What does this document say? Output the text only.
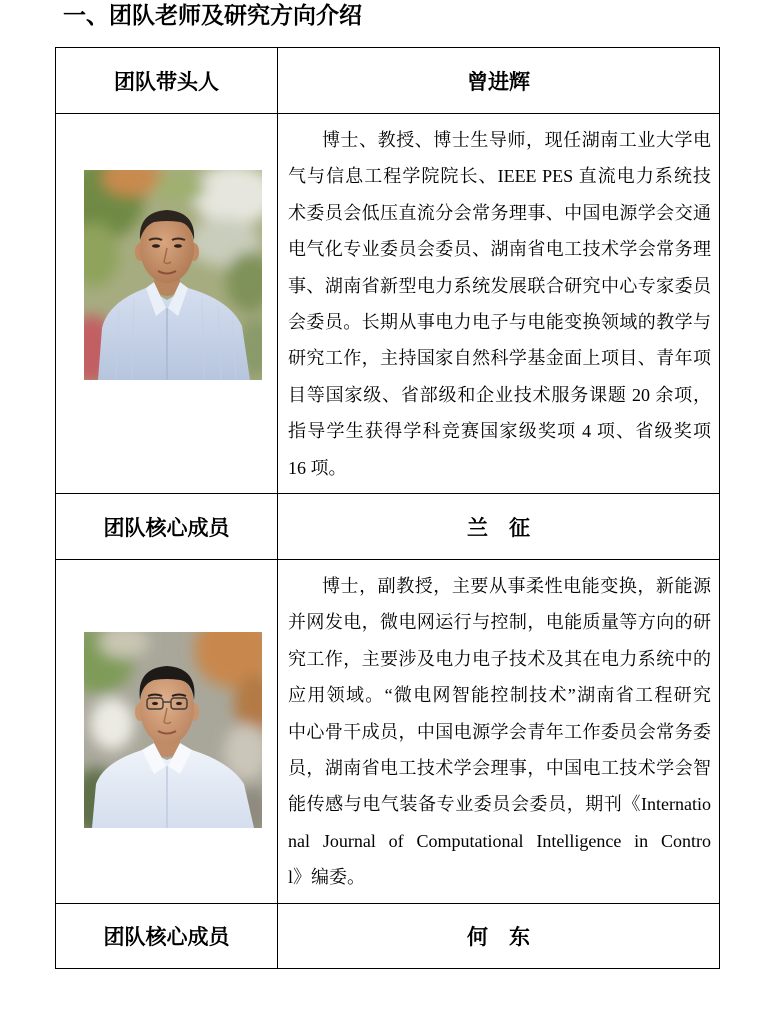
一、团队老师及研究方向介绍
团队带头人	曾进辉
博士、教授、博士生导师，现任湖南工业大学电
气与信息工程学院院长、IEEE PES 直流电力系统技
术委员会低压直流分会常务理事、中国电源学会交通
电气化专业委员会委员、湖南省电工技术学会常务理
事、湖南省新型电力系统发展联合研究中心专家委员
会委员。长期从事电力电子与电能变换领域的教学与
研究工作，主持国家自然科学基金面上项目、青年项
目等国家级、省部级和企业技术服务课题 20 余项，
指导学生获得学科竞赛国家级奖项 4 项、省级奖项
16 项。
团队核心成员	兰　征
博士，副教授，主要从事柔性电能变换，新能源
并网发电，微电网运行与控制，电能质量等方向的研
究工作，主要涉及电力电子技术及其在电力系统中的
应用领域。“微电网智能控制技术”湖南省工程研究
中心骨干成员，中国电源学会青年工作委员会常务委
员，湖南省电工技术学会理事，中国电工技术学会智
能传感与电气装备专业委员会委员，期刊《Internatio
nal Journal of Computational Intelligence in Contro
l》编委。
团队核心成员	何　东
